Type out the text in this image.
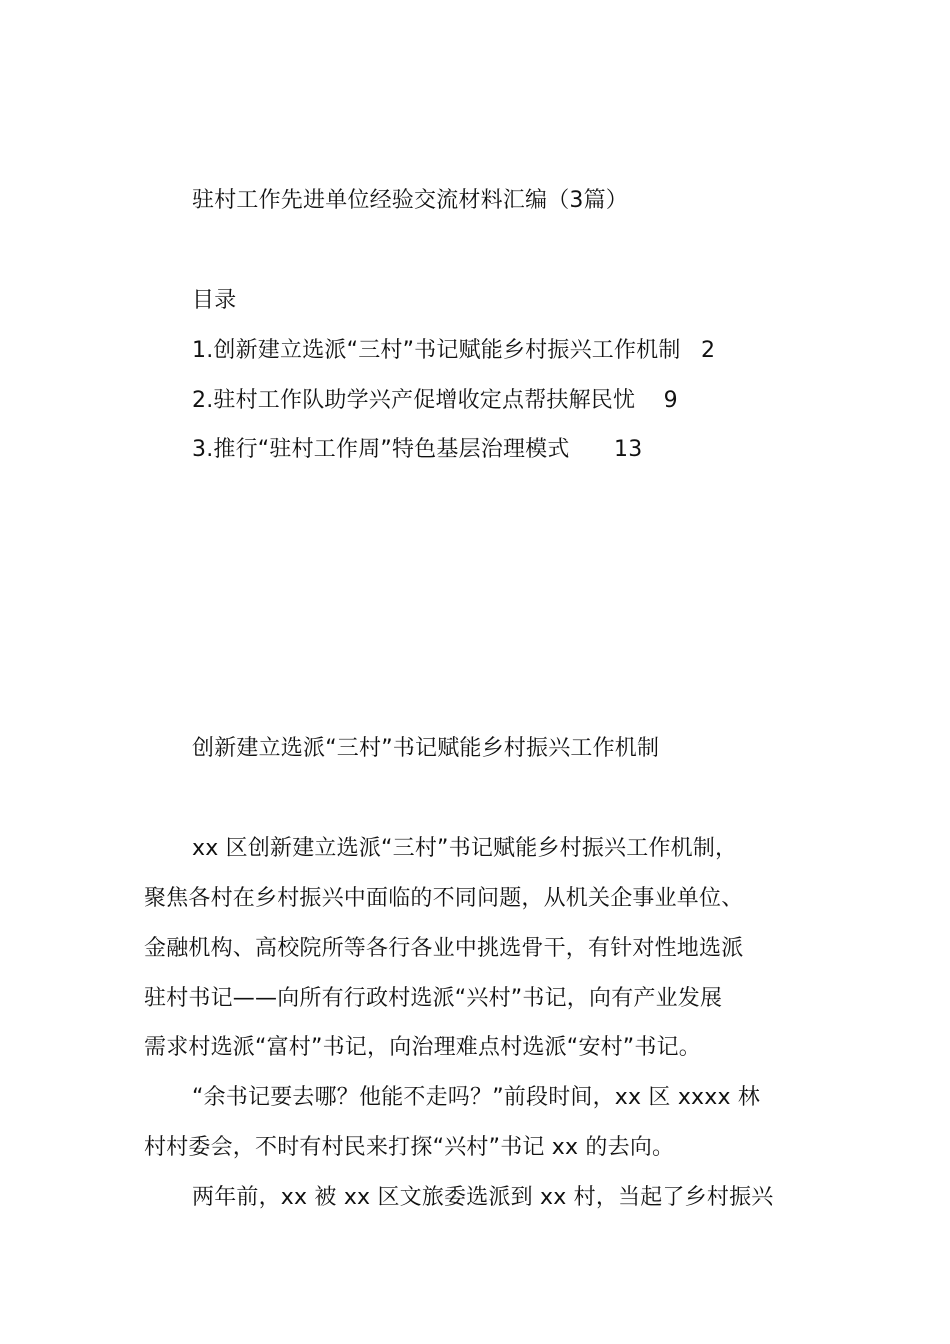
驻村工作先进单位经验交流材料汇编（3篇）
目录
1.创新建立选派“三村”书记赋能乡村振兴工作机制 2
2.驻村工作队助学兴产促增收定点帮扶解民忧 9
3.推行“驻村工作周”特色基层治理模式 13
创新建立选派“三村”书记赋能乡村振兴工作机制
xx 区创新建立选派“三村”书记赋能乡村振兴工作机制，
聚焦各村在乡村振兴中面临的不同问题，从机关企事业单位、
金融机构、高校院所等各行各业中挑选骨干，有针对性地选派
驻村书记——向所有行政村选派“兴村”书记，向有产业发展
需求村选派“富村”书记，向治理难点村选派“安村”书记。
“余书记要去哪？他能不走吗？”前段时间，xx 区 xxxx 林
村村委会，不时有村民来打探“兴村”书记 xx 的去向。
两年前，xx 被 xx 区文旅委选派到 xx 村，当起了乡村振兴
